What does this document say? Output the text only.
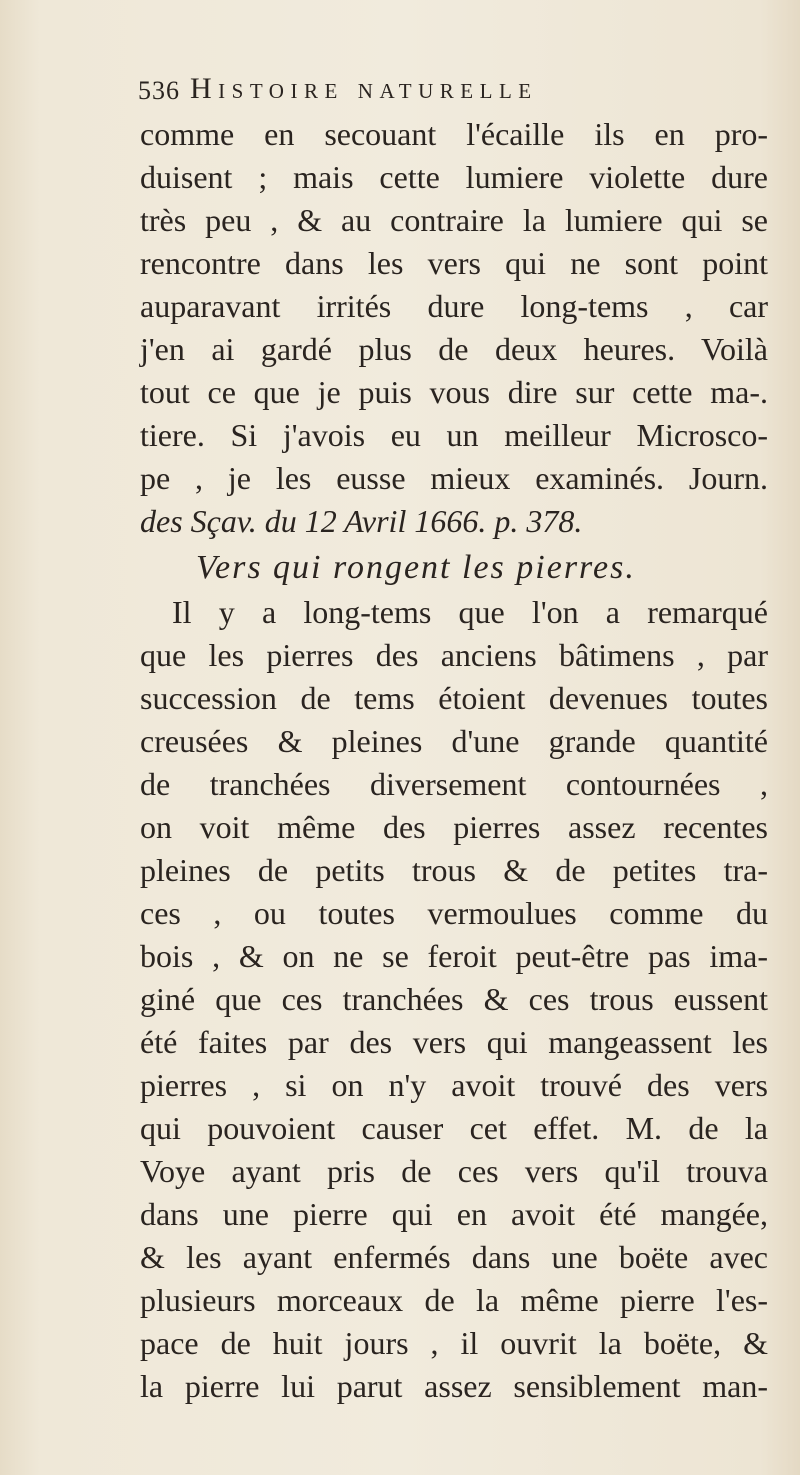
536 Histoire naturelle
comme en secouant l'écaille ils en pro-
duisent ; mais cette lumiere violette dure
très peu , & au contraire la lumiere qui se
rencontre dans les vers qui ne sont point
auparavant irrités dure long-tems , car
j'en ai gardé plus de deux heures. Voilà
tout ce que je puis vous dire sur cette ma-.
tiere. Si j'avois eu un meilleur Microsco-
pe , je les eusse mieux examinés. Journ.
des Sçav. du 12 Avril 1666. p. 378.
Vers qui rongent les pierres.
Il y a long-tems que l'on a remarqué
que les pierres des anciens bâtimens , par
succession de tems étoient devenues toutes
creusées & pleines d'une grande quantité
de tranchées diversement contournées ,
on voit même des pierres assez recentes
pleines de petits trous & de petites tra-
ces , ou toutes vermoulues comme du
bois , & on ne se feroit peut-être pas ima-
giné que ces tranchées & ces trous eussent
été faites par des vers qui mangeassent les
pierres , si on n'y avoit trouvé des vers
qui pouvoient causer cet effet. M. de la
Voye ayant pris de ces vers qu'il trouva
dans une pierre qui en avoit été mangée,
& les ayant enfermés dans une boëte avec
plusieurs morceaux de la même pierre l'es-
pace de huit jours , il ouvrit la boëte, &
la pierre lui parut assez sensiblement man-
